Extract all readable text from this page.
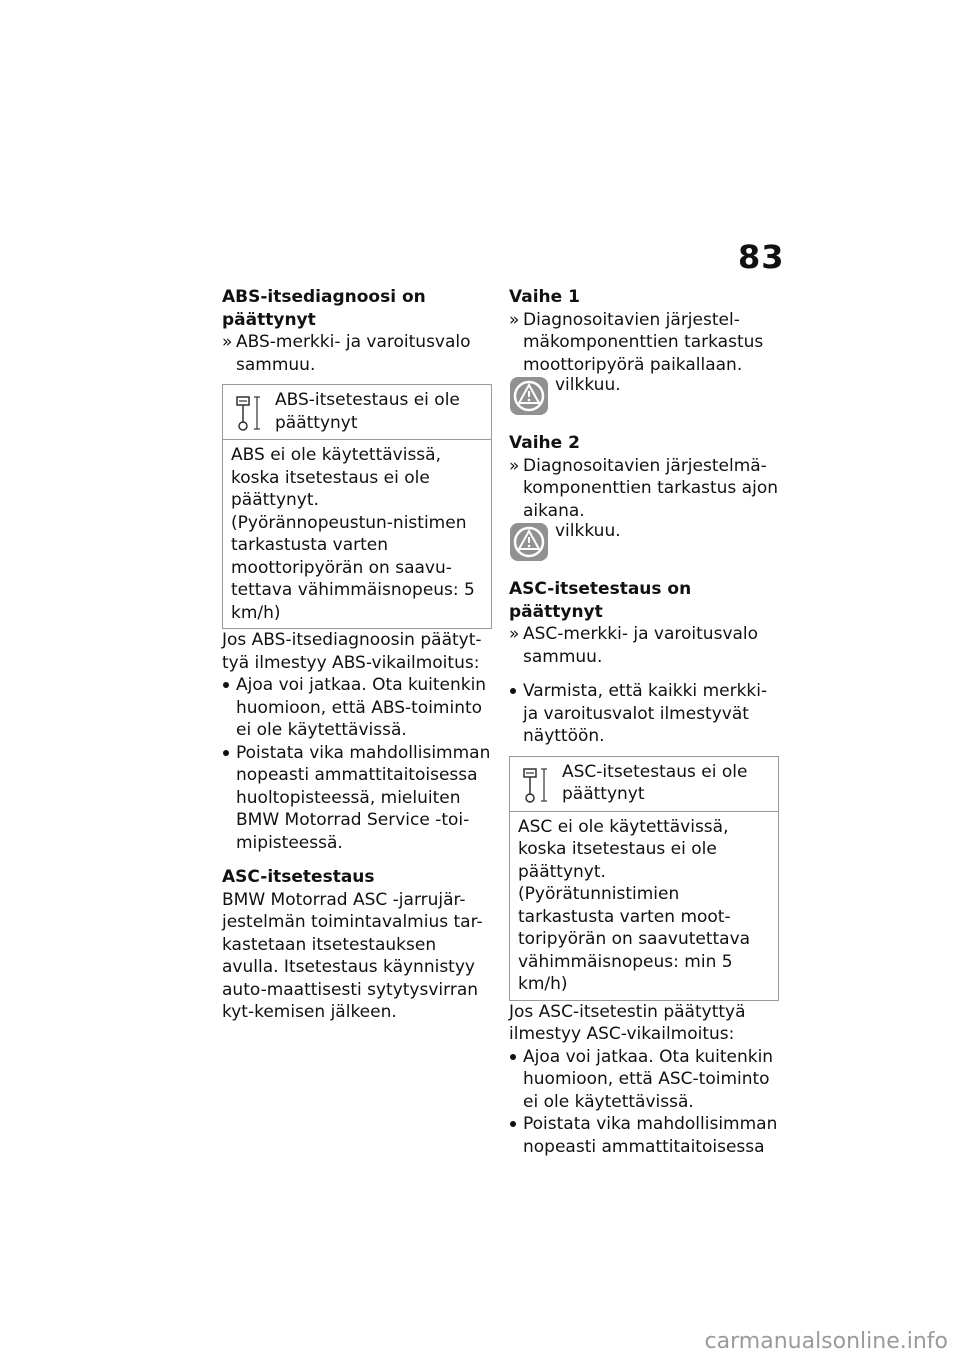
83

ABS-itsediagnoosi on päättynyt

» ABS-merkki- ja varoitusvalo sammuu.
ABS-itsetestaus ei ole päättynyt
ABS ei ole käytettävissä, koska itsetestaus ei ole päättynyt. (Pyörännopeustun-nistimen tarkastusta varten moottoripyörän on saavu-tettava vähimmäisnopeus: 5 km/h)

Jos ABS-itsediagnoosin päätyt-tyä ilmestyy ABS-vikailmoitus:

Ajoa voi jatkaa. Ota kuitenkin huomioon, että ABS-toiminto ei ole käytettävissä.
Poistata vika mahdollisimman nopeasti ammattitaitoisessa huoltopisteessä, mieluiten BMW Motorrad Service -toi-mipisteessä.

ASC-itsetestaus

BMW Motorrad ASC -jarrujär-jestelmän toimintavalmius tar-kastetaan itsetestauksen avulla. Itsetestaus käynnistyy auto-maattisesti sytytysvirran kyt-kemisen jälkeen.

Vaihe 1

» Diagnosoitavien järjestel-mäkomponenttien tarkastus moottoripyörä paikallaan.
vilkkuu.

Vaihe 2

» Diagnosoitavien järjestelmä-komponenttien tarkastus ajon aikana.
vilkkuu.

ASC-itsetestaus on päättynyt

» ASC-merkki- ja varoitusvalo sammuu.
Varmista, että kaikki merkki- ja varoitusvalot ilmestyvät näyttöön.
ASC-itsetestaus ei ole päättynyt
ASC ei ole käytettävissä, koska itsetestaus ei ole päättynyt. (Pyörätunnistimien tarkastusta varten moot-toripyörän on saavutettava vähimmäisnopeus: min 5 km/h)

Jos ASC-itsetestin päätyttyä ilmestyy ASC-vikailmoitus:

Ajoa voi jatkaa. Ota kuitenkin huomioon, että ASC-toiminto ei ole käytettävissä.
Poistata vika mahdollisimman nopeasti ammattitaitoisessa
carmanualsonline.info
